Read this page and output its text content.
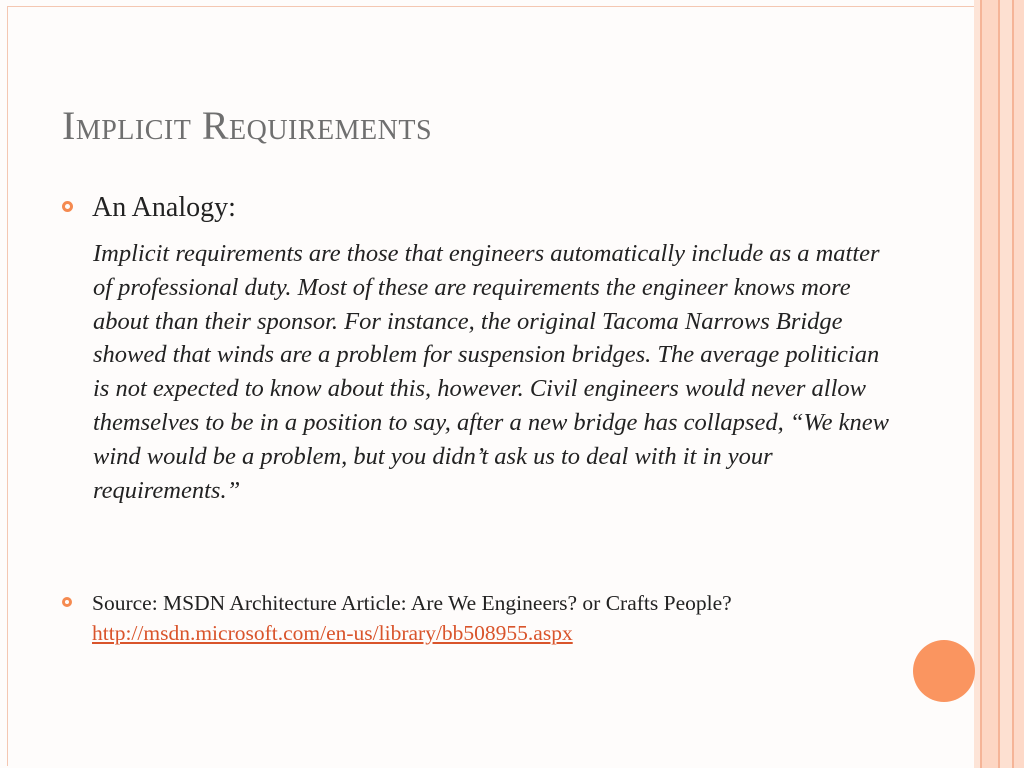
Implicit Requirements
An Analogy:
Implicit requirements are those that engineers automatically include as a matter of professional duty. Most of these are requirements the engineer knows more about than their sponsor. For instance, the original Tacoma Narrows Bridge showed that winds are a problem for suspension bridges. The average politician is not expected to know about this, however. Civil engineers would never allow themselves to be in a position to say, after a new bridge has collapsed, “We knew wind would be a problem, but you didn’t ask us to deal with it in your requirements.”
Source: MSDN Architecture Article: Are We Engineers? or Crafts People? http://msdn.microsoft.com/en-us/library/bb508955.aspx
